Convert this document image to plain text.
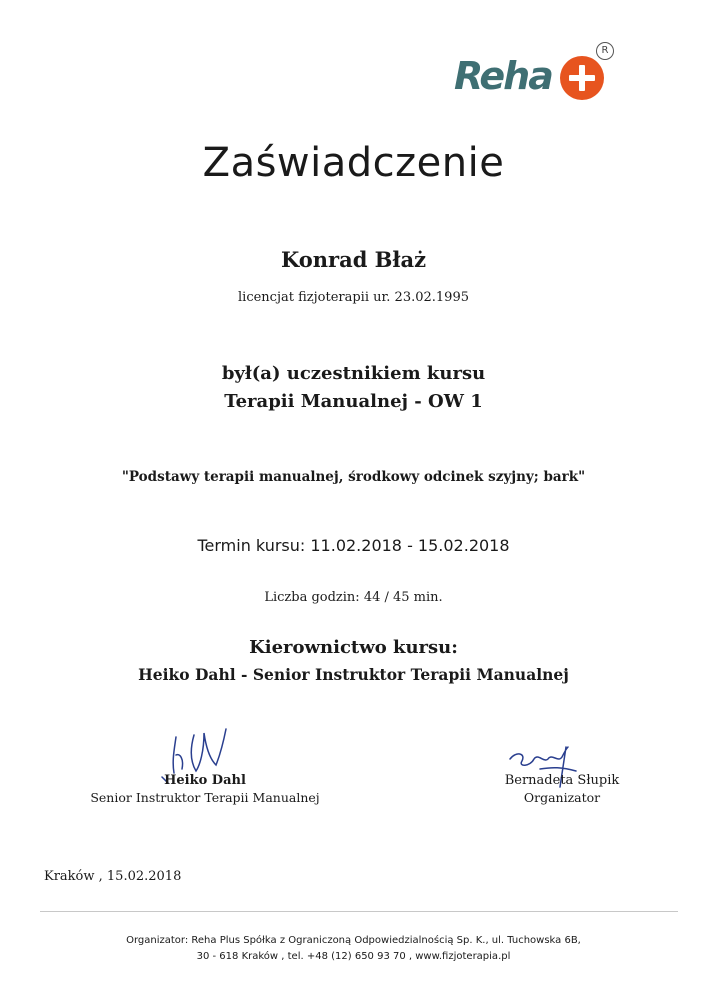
Reha
R
Zaświadczenie
Konrad Błaż
licencjat fizjoterapii ur. 23.02.1995
był(a) uczestnikiem kursu
Terapii Manualnej - OW 1
"Podstawy terapii manualnej, środkowy odcinek szyjny; bark"
Termin kursu: 11.02.2018 - 15.02.2018
Liczba godzin: 44 / 45 min.
Kierownictwo kursu:
Heiko Dahl - Senior Instruktor Terapii Manualnej
Heiko Dahl
Senior Instruktor Terapii Manualnej
Bernadeta Słupik
Organizator
Kraków , 15.02.2018
Organizator: Reha Plus Spółka z Ograniczoną Odpowiedzialnością Sp. K., ul. Tuchowska 6B,
30 - 618 Kraków , tel. +48 (12) 650 93 70 , www.fizjoterapia.pl
